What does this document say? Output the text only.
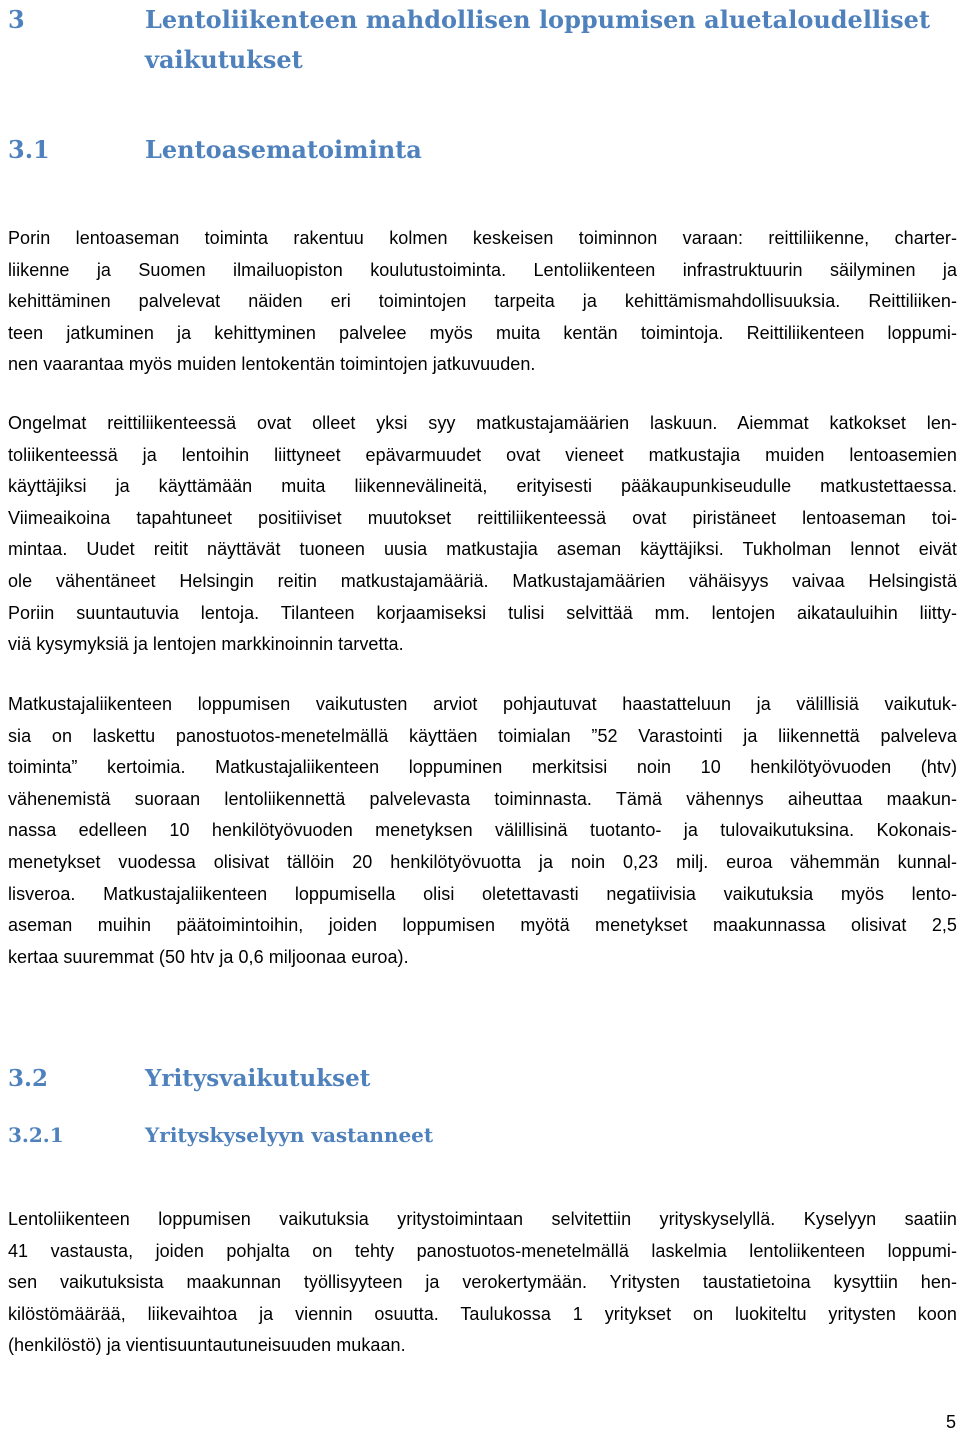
3	Lentoliikenteen mahdollisen loppumisen aluetaloudelliset
vaikutukset
3.1	Lentoasematoiminta

Porin lentoaseman toiminta rakentuu kolmen keskeisen toiminnon varaan: reittiliikenne, charter-
liikenne ja Suomen ilmailuopiston koulutustoiminta. Lentoliikenteen infrastruktuurin säilyminen ja
kehittäminen palvelevat näiden eri toimintojen tarpeita ja kehittämismahdollisuuksia. Reittiliiken-
teen jatkuminen ja kehittyminen palvelee myös muita kentän toimintoja. Reittiliikenteen loppumi-
nen vaarantaa myös muiden lentokentän toimintojen jatkuvuuden.

Ongelmat reittiliikenteessä ovat olleet yksi syy matkustajamäärien laskuun. Aiemmat katkokset len-
toliikenteessä ja lentoihin liittyneet epävarmuudet ovat vieneet matkustajia muiden lentoasemien
käyttäjiksi ja käyttämään muita liikennevälineitä, erityisesti pääkaupunkiseudulle matkustettaessa.
Viimeaikoina tapahtuneet positiiviset muutokset reittiliikenteessä ovat piristäneet lentoaseman toi-
mintaa. Uudet reitit näyttävät tuoneen uusia matkustajia aseman käyttäjiksi. Tukholman lennot eivät
ole vähentäneet Helsingin reitin matkustajamääriä. Matkustajamäärien vähäisyys vaivaa Helsingistä
Poriin suuntautuvia lentoja. Tilanteen korjaamiseksi tulisi selvittää mm. lentojen aikatauluihin liitty-
viä kysymyksiä ja lentojen markkinoinnin tarvetta.

Matkustajaliikenteen loppumisen vaikutusten arviot pohjautuvat haastatteluun ja välillisiä vaikutuk-
sia on laskettu panostuotos-menetelmällä käyttäen toimialan ”52 Varastointi ja liikennettä palveleva
toiminta” kertoimia. Matkustajaliikenteen loppuminen merkitsisi noin 10 henkilötyövuoden (htv)
vähenemistä suoraan lentoliikennettä palvelevasta toiminnasta. Tämä vähennys aiheuttaa maakun-
nassa edelleen 10 henkilötyövuoden menetyksen välillisinä tuotanto- ja tulovaikutuksina. Kokonais-
menetykset vuodessa olisivat tällöin 20 henkilötyövuotta ja noin 0,23 milj. euroa vähemmän kunnal-
lisveroa. Matkustajaliikenteen loppumisella olisi oletettavasti negatiivisia vaikutuksia myös lento-
aseman muihin päätoimintoihin, joiden loppumisen myötä menetykset maakunnassa olisivat 2,5
kertaa suuremmat (50 htv ja 0,6 miljoonaa euroa).

3.2	Yritysvaikutukset
3.2.1	Yrityskyselyyn vastanneet

Lentoliikenteen loppumisen vaikutuksia yritystoimintaan selvitettiin yrityskyselyllä. Kyselyyn saatiin
41 vastausta, joiden pohjalta on tehty panostuotos-menetelmällä laskelmia lentoliikenteen loppumi-
sen vaikutuksista maakunnan työllisyyteen ja verokertymään. Yritysten taustatietoina kysyttiin hen-
kilöstömäärää, liikevaihtoa ja viennin osuutta. Taulukossa 1 yritykset on luokiteltu yritysten koon
(henkilöstö) ja vientisuuntautuneisuuden mukaan.

5
